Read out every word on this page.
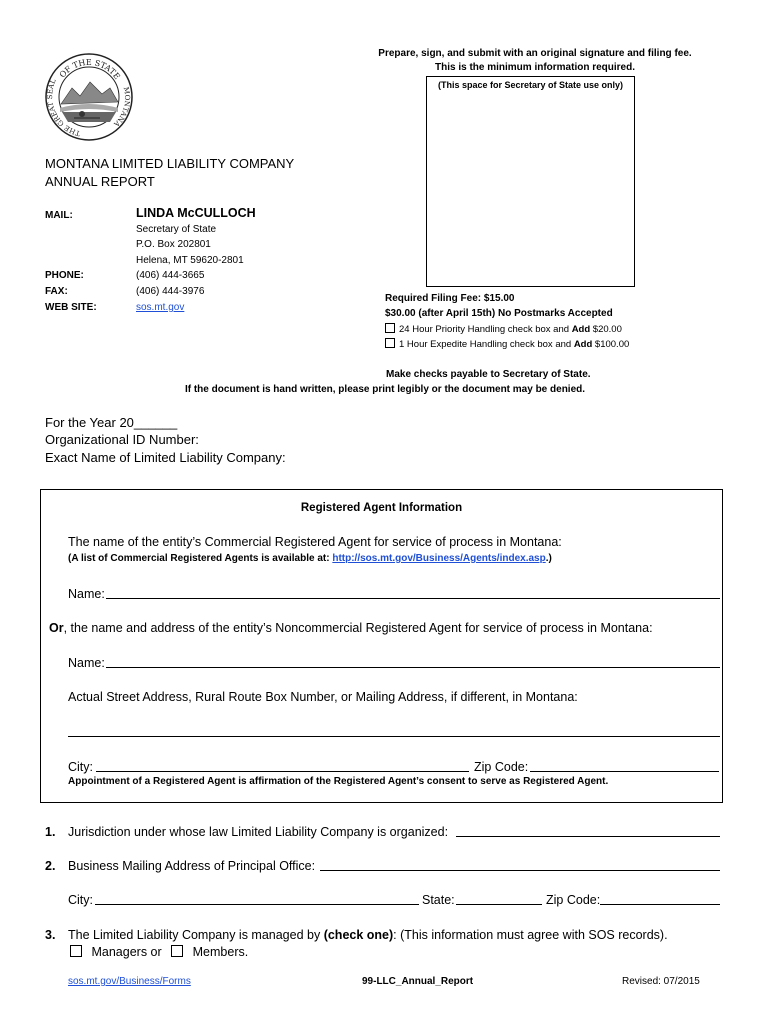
OF THE STATE
THE GREAT SEAL
MONTANA
Prepare, sign, and submit with an original signature and filing fee.
This is the minimum information required.
(This space for Secretary of State use only)
MONTANA LIMITED LIABILITY COMPANY
ANNUAL REPORT
MAIL:	LINDA McCULLOCH
Secretary of State
P.O. Box 202801
Helena, MT 59620-2801
PHONE:	(406) 444-3665
FAX:	(406) 444-3976
WEB SITE:	sos.mt.gov
Required Filing Fee: $15.00
$30.00 (after April 15th) No Postmarks Accepted
24 Hour Priority Handling check box and Add $20.00
1 Hour Expedite Handling check box and Add $100.00
Make checks payable to Secretary of State.
If the document is hand written, please print legibly or the document may be denied.
For the Year 20______
Organizational ID Number:
Exact Name of Limited Liability Company:
Registered Agent Information
The name of the entity’s Commercial Registered Agent for service of process in Montana:
(A list of Commercial Registered Agents is available at: http://sos.mt.gov/Business/Agents/index.asp.)
Name:
Or, the name and address of the entity’s Noncommercial Registered Agent for service of process in Montana:
Name:
Actual Street Address, Rural Route Box Number, or Mailing Address, if different, in Montana:
City:	Zip Code:
Appointment of a Registered Agent is affirmation of the Registered Agent’s consent to serve as Registered Agent.
1. Jurisdiction under whose law Limited Liability Company is organized:
2. Business Mailing Address of Principal Office:
City:	State:	Zip Code:
3. The Limited Liability Company is managed by (check one): (This information must agree with SOS records).
Managers or Members.
sos.mt.gov/Business/Forms	99-LLC_Annual_Report	Revised: 07/2015
